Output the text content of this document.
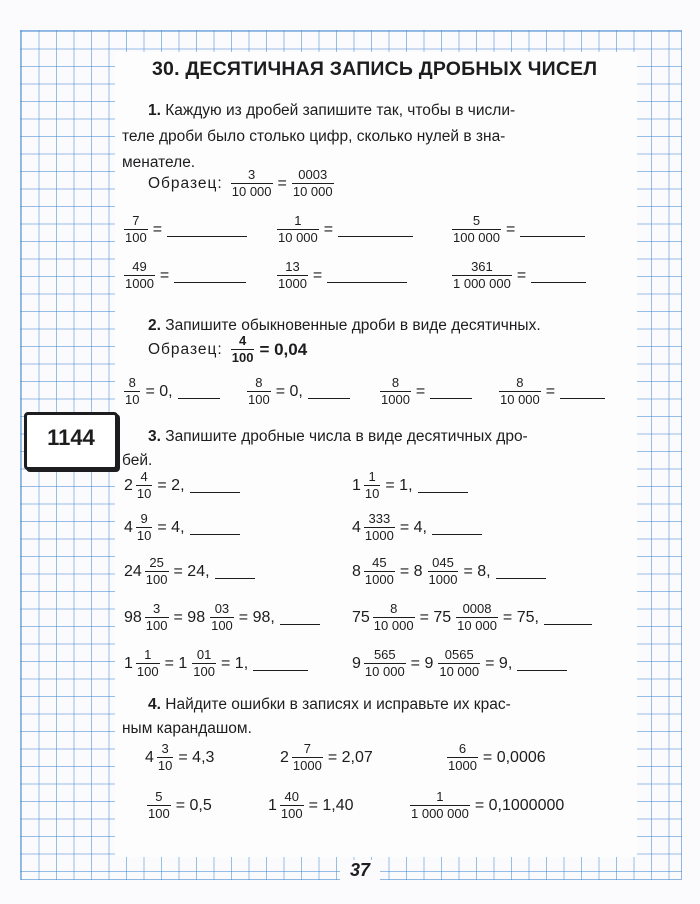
1144
30. ДЕСЯТИЧНАЯ ЗАПИСЬ ДРОБНЫХ ЧИСЕЛ
1. Каждую из дробей запишите так, чтобы в числи-
теле дроби было столько цифр, сколько нулей в зна-
менателе.
Образец: $\frac{3}{10 000} = \frac{0003}{10 000}$
$\frac{7}{100}$ =	$\frac{1}{10 000}$ =	$\frac{5}{100 000}$ =
$\frac{49}{1000}$ =	$\frac{13}{1000}$ =	$\frac{361}{1 000 000}$ =
2. Запишите обыкновенные дроби в виде десятичных.
Образец: $\frac{4}{100} = 0,04$
$\frac{8}{10} = 0$,	$\frac{8}{100} = 0$,	$\frac{8}{1000}$ =	$\frac{8}{10 000}$ =
3. Запишите дробные числа в виде десятичных дро-
бей.
$2 \frac{4}{10} = 2$,	$1 \frac{1}{10} = 1$,
$4 \frac{9}{10} = 4$,	$4 \frac{333}{1000} = 4$,
$24 \frac{25}{100} = 24$,	$8 \frac{45}{1000} = 8 \frac{045}{1000} = 8$,
$98 \frac{3}{100} = 98 \frac{03}{100} = 98$,	$75 \frac{8}{10 000} = 75 \frac{0008}{10 000} = 75$,
$1 \frac{1}{100} = 1 \frac{01}{100} = 1$,	$9 \frac{565}{10 000} = 9 \frac{0565}{10 000} = 9$,
4. Найдите ошибки в записях и исправьте их крас-
ным карандашом.
$4 \frac{3}{10} = 4,3$	$2 \frac{7}{1000} = 2,07$	$\frac{6}{1000} = 0,0006$
$\frac{5}{100} = 0,5$	$1 \frac{40}{100} = 1,40$	$\frac{1}{1 000 000} = 0,1000000$
37
